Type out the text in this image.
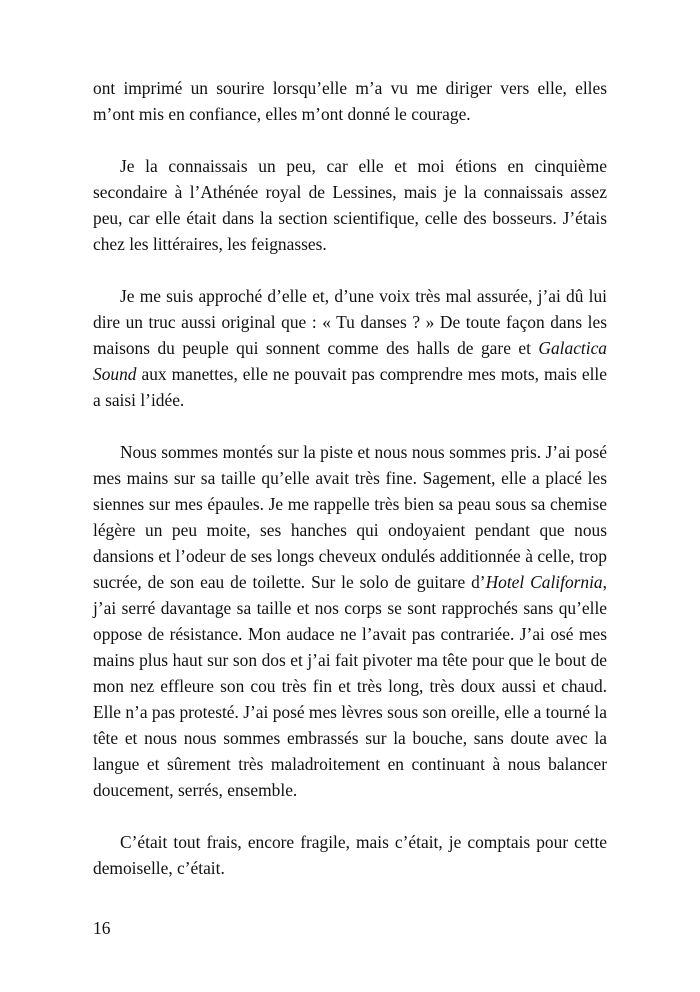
ont imprimé un sourire lorsqu’elle m’a vu me diriger vers elle, elles m’ont mis en confiance, elles m’ont donné le courage.

Je la connaissais un peu, car elle et moi étions en cinquième secondaire à l’Athénée royal de Lessines, mais je la connaissais assez peu, car elle était dans la section scientifique, celle des bosseurs. J’étais chez les littéraires, les feignasses.

Je me suis approché d’elle et, d’une voix très mal assurée, j’ai dû lui dire un truc aussi original que : « Tu danses ? » De toute façon dans les maisons du peuple qui sonnent comme des halls de gare et Galactica Sound aux manettes, elle ne pouvait pas comprendre mes mots, mais elle a saisi l’idée.

Nous sommes montés sur la piste et nous nous sommes pris. J’ai posé mes mains sur sa taille qu’elle avait très fine. Sagement, elle a placé les siennes sur mes épaules. Je me rappelle très bien sa peau sous sa chemise légère un peu moite, ses hanches qui ondoyaient pendant que nous dansions et l’odeur de ses longs cheveux ondulés additionnée à celle, trop sucrée, de son eau de toilette. Sur le solo de guitare d’Hotel California, j’ai serré davantage sa taille et nos corps se sont rapprochés sans qu’elle oppose de résistance. Mon audace ne l’avait pas contrariée. J’ai osé mes mains plus haut sur son dos et j’ai fait pivoter ma tête pour que le bout de mon nez effleure son cou très fin et très long, très doux aussi et chaud. Elle n’a pas protesté. J’ai posé mes lèvres sous son oreille, elle a tourné la tête et nous nous sommes embrassés sur la bouche, sans doute avec la langue et sûrement très maladroitement en continuant à nous balancer doucement, serrés, ensemble.

C’était tout frais, encore fragile, mais c’était, je comptais pour cette demoiselle, c’était.

16
